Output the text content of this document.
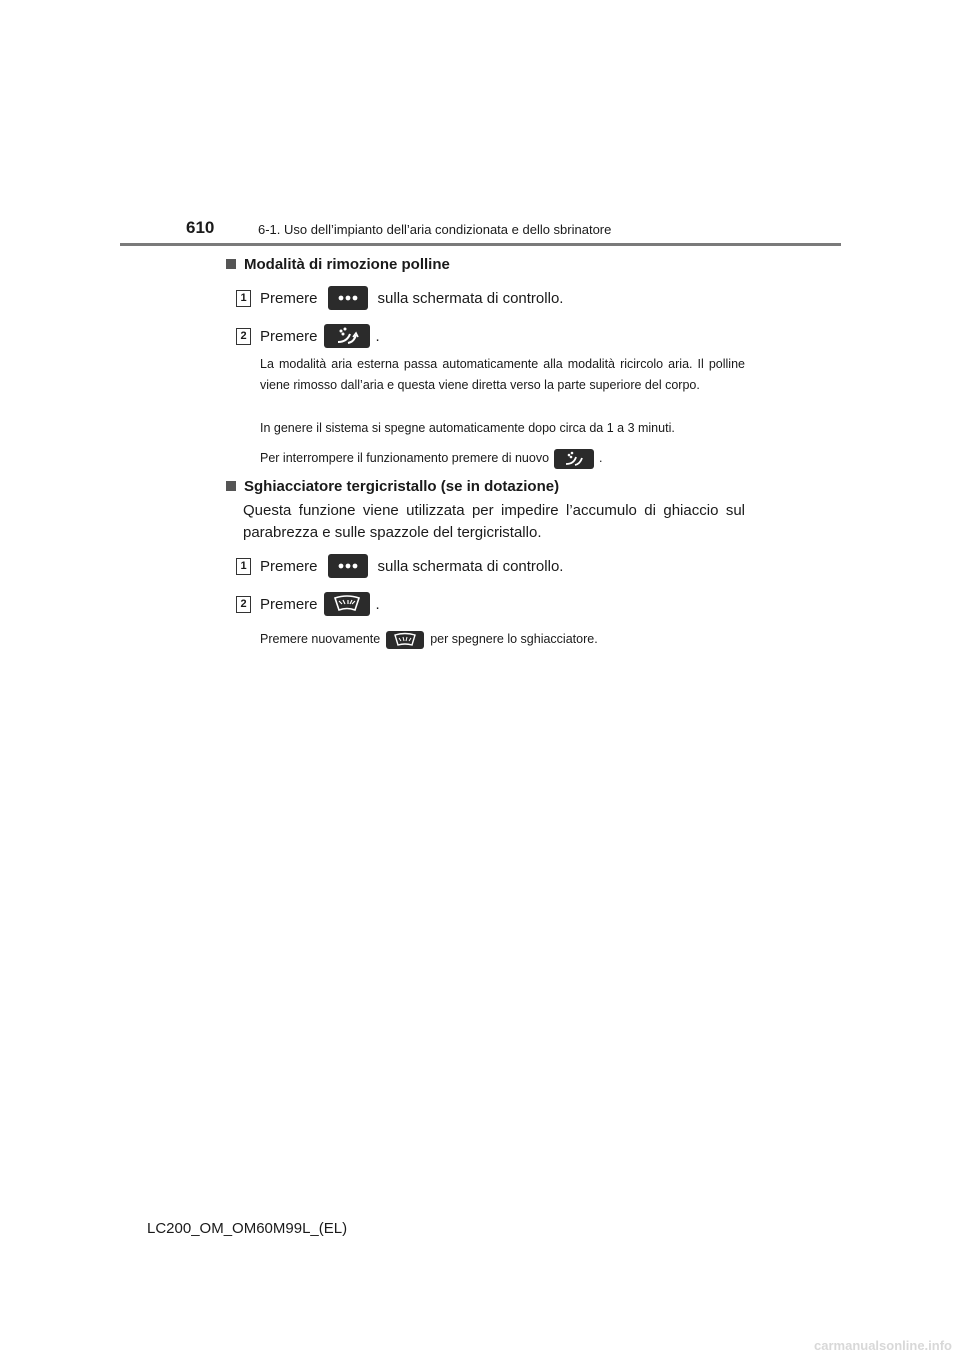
610	6-1. Uso dell’impianto dell’aria condizionata e dello sbrinatore
Modalità di rimozione polline
1 Premere	sulla schermata di controllo.
2 Premere	.
La modalità aria esterna passa automaticamente alla modalità ricircolo aria. Il polline viene rimosso dall’aria e questa viene diretta verso la parte superiore del corpo.
In genere il sistema si spegne automaticamente dopo circa da 1 a 3 minuti.
Per interrompere il funzionamento premere di nuovo	.
Sghiacciatore tergicristallo (se in dotazione)
Questa funzione viene utilizzata per impedire l’accumulo di ghiaccio sul parabrezza e sulle spazzole del tergicristallo.
1 Premere	sulla schermata di controllo.
2 Premere	.
Premere nuovamente	per spegnere lo sghiacciatore.
LC200_OM_OM60M99L_(EL)
carmanualsonline.info
